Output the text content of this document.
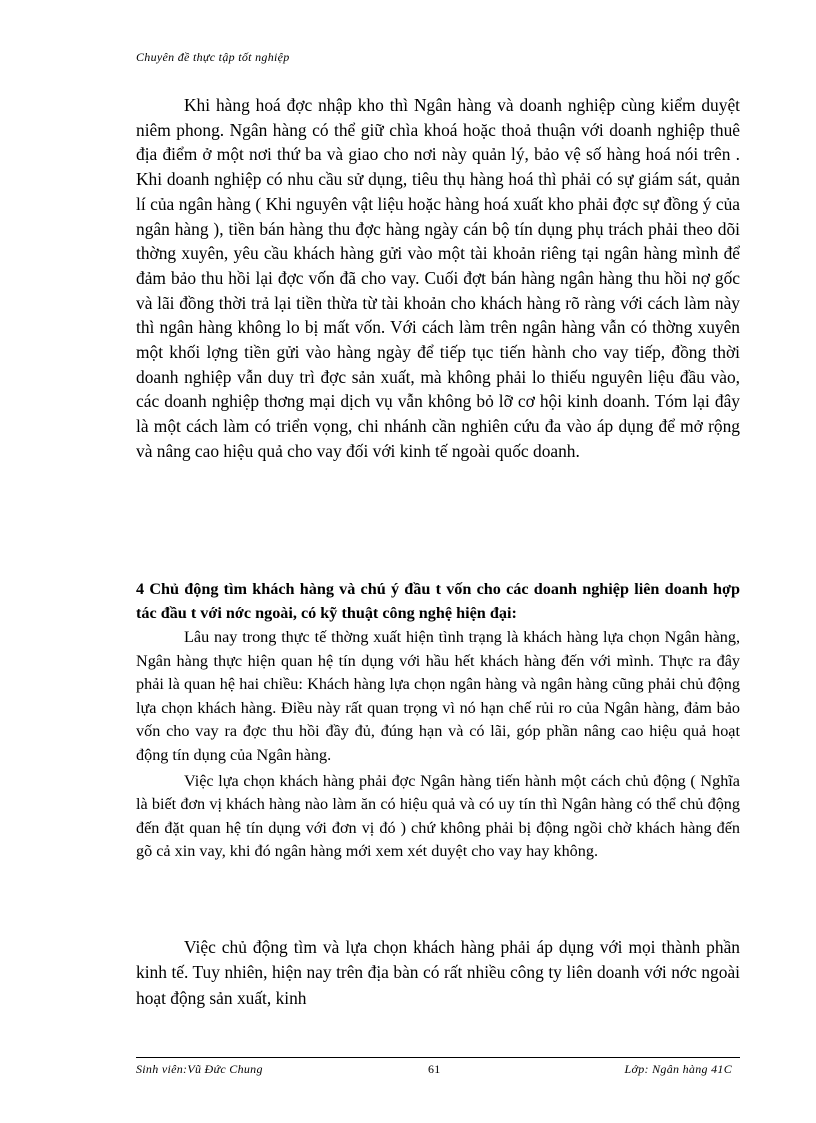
Chuyên đề thực tập tốt nghiệp

Khi hàng hoá đợc nhập kho thì Ngân hàng và doanh nghiệp cùng kiểm duyệt niêm phong. Ngân hàng có thể giữ chìa khoá hoặc thoả thuận với doanh nghiệp thuê địa điểm ở một nơi thứ ba và giao cho nơi này quản lý, bảo vệ số hàng hoá nói trên . Khi doanh nghiệp có nhu cầu sử dụng, tiêu thụ hàng hoá thì phải có sự giám sát, quản lí của ngân hàng ( Khi nguyên vật liệu hoặc hàng hoá xuất kho phải đợc sự đồng ý của ngân hàng ), tiền bán hàng thu đợc hàng ngày cán bộ tín dụng phụ trách phải theo dõi thờng xuyên, yêu cầu khách hàng gửi vào một tài khoản riêng tại ngân hàng mình để đảm bảo thu hồi lại đợc vốn đã cho vay. Cuối đợt bán hàng ngân hàng thu hồi nợ gốc và lãi đồng thời trả lại tiền thừa từ tài khoản cho khách hàng rõ ràng với cách làm này thì ngân hàng không lo bị mất vốn. Với cách làm trên ngân hàng vẫn có thờng xuyên một khối lợng tiền gửi vào hàng ngày để tiếp tục tiến hành cho vay tiếp, đồng thời doanh nghiệp vẫn duy trì đợc sản xuất, mà không phải lo thiếu nguyên liệu đầu vào, các doanh nghiệp thơng mại dịch vụ vẫn không bỏ lỡ cơ hội kinh doanh. Tóm lại đây là một cách làm có triển vọng, chi nhánh cần nghiên cứu đa vào áp dụng để mở rộng và nâng cao hiệu quả cho vay đối với kinh tế ngoài quốc doanh.

4 Chủ động tìm khách hàng và chú ý đầu t vốn cho các doanh nghiệp liên doanh hợp tác đầu t với nớc ngoài, có kỹ thuật công nghệ hiện đại:

Lâu nay trong thực tế thờng xuất hiện tình trạng là khách hàng lựa chọn Ngân hàng, Ngân hàng thực hiện quan hệ tín dụng với hầu hết khách hàng đến với mình. Thực ra đây phải là quan hệ hai chiều: Khách hàng lựa chọn ngân hàng và ngân hàng cũng phải chủ động lựa chọn khách hàng. Điều này rất quan trọng vì nó hạn chế rủi ro của Ngân hàng, đảm bảo vốn cho vay ra đợc thu hồi đầy đủ, đúng hạn và có lãi, góp phần nâng cao hiệu quả hoạt động tín dụng của Ngân hàng.

Việc lựa chọn khách hàng phải đợc Ngân hàng tiến hành một cách chủ động ( Nghĩa là biết đơn vị khách hàng nào làm ăn có hiệu quả và có uy tín thì Ngân hàng có thể chủ động đến đặt quan hệ tín dụng với đơn vị đó ) chứ không phải bị động ngồi chờ khách hàng đến gõ cả xin vay, khi đó ngân hàng mới xem xét duyệt cho vay hay không.

Việc chủ động tìm và lựa chọn khách hàng phải áp dụng với mọi thành phần kinh tế. Tuy nhiên, hiện nay trên địa bàn có rất nhiều công ty liên doanh với nớc ngoài hoạt động sản xuất, kinh

Sinh viên:Vũ Đức Chung	61	Lớp: Ngân hàng 41C
